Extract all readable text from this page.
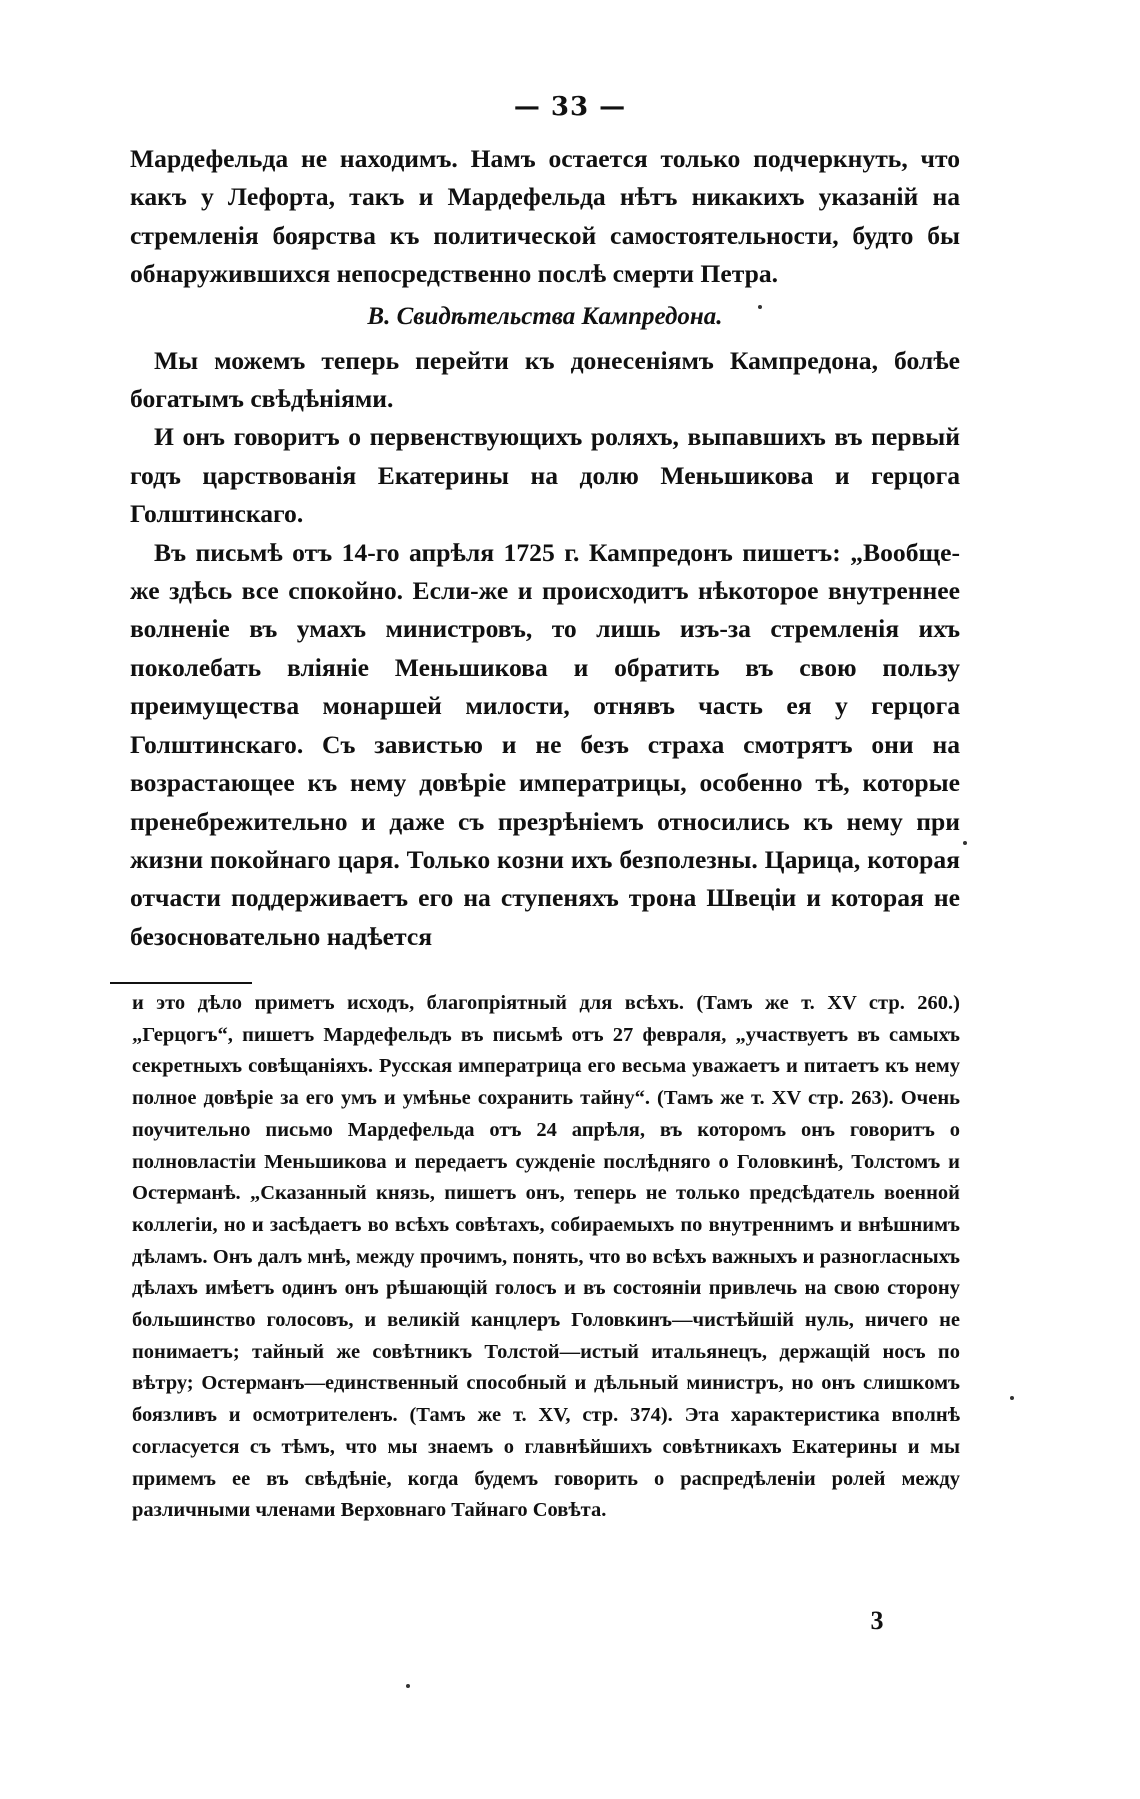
— 33 —

Мардефельда не находимъ. Намъ остается только подчеркнуть, что какъ у Лефорта, такъ и Мардефельда нѣтъ никакихъ указаній на стремленія боярства къ политической самостоятельности, будто бы обнаружившихся непосредственно послѣ смерти Петра.

В. Свидѣтельства Кампредона.

Мы можемъ теперь перейти къ донесеніямъ Кампредона, болѣе богатымъ свѣдѣніями.

И онъ говоритъ о первенствующихъ роляхъ, выпавшихъ въ первый годъ царствованія Екатерины на долю Меньшикова и герцога Голштинскаго.

Въ письмѣ отъ 14-го апрѣля 1725 г. Кампредонъ пишетъ: „Вообще-же здѣсь все спокойно. Если-же и происходитъ нѣкоторое внутреннее волненіе въ умахъ министровъ, то лишь изъ-за стремленія ихъ поколебать вліяніе Меньшикова и обратить въ свою пользу преимущества монаршей милости, отнявъ часть ея у герцога Голштинскаго. Съ завистью и не безъ страха смотрятъ они на возрастающее къ нему довѣріе императрицы, особенно тѣ, которые пренебрежительно и даже съ презрѣніемъ относились къ нему при жизни покойнаго царя. Только козни ихъ безполезны. Царица, которая отчасти поддерживаетъ его на ступеняхъ трона Швеціи и которая не безосновательно надѣется

и это дѣло приметъ исходъ, благопріятный для всѣхъ. (Тамъ же т. XV стр. 260.) „Герцогъ“, пишетъ Мардефельдъ въ письмѣ отъ 27 февраля, „участвуетъ въ самыхъ секретныхъ совѣщаніяхъ. Русская императрица его весьма уважаетъ и питаетъ къ нему полное довѣріе за его умъ и умѣнье сохранить тайну“. (Тамъ же т. XV стр. 263). Очень поучительно письмо Мардефельда отъ 24 апрѣля, въ которомъ онъ говоритъ о полновластіи Меньшикова и передаетъ сужденіе послѣдняго о Головкинѣ, Толстомъ и Остерманѣ. „Сказанный князь, пишетъ онъ, теперь не только предсѣдатель военной коллегіи, но и засѣдаетъ во всѣхъ совѣтахъ, собираемыхъ по внутреннимъ и внѣшнимъ дѣламъ. Онъ далъ мнѣ, между прочимъ, понять, что во всѣхъ важныхъ и разногласныхъ дѣлахъ имѣетъ одинъ онъ рѣшающій голосъ и въ состояніи привлечь на свою сторону большинство голосовъ, и великій канцлеръ Головкинъ—чистѣйшій нуль, ничего не понимаетъ; тайный же совѣтникъ Толстой—истый итальянецъ, держащій носъ по вѣтру; Остерманъ—единственный способный и дѣльный министръ, но онъ слишкомъ боязливъ и осмотрителенъ. (Тамъ же т. XV, стр. 374). Эта характеристика вполнѣ согласуется съ тѣмъ, что мы знаемъ о главнѣйшихъ совѣтникахъ Екатерины и мы примемъ ее въ свѣдѣніе, когда будемъ говорить о распредѣленіи ролей между различными членами Верховнаго Тайнаго Совѣта.

3
